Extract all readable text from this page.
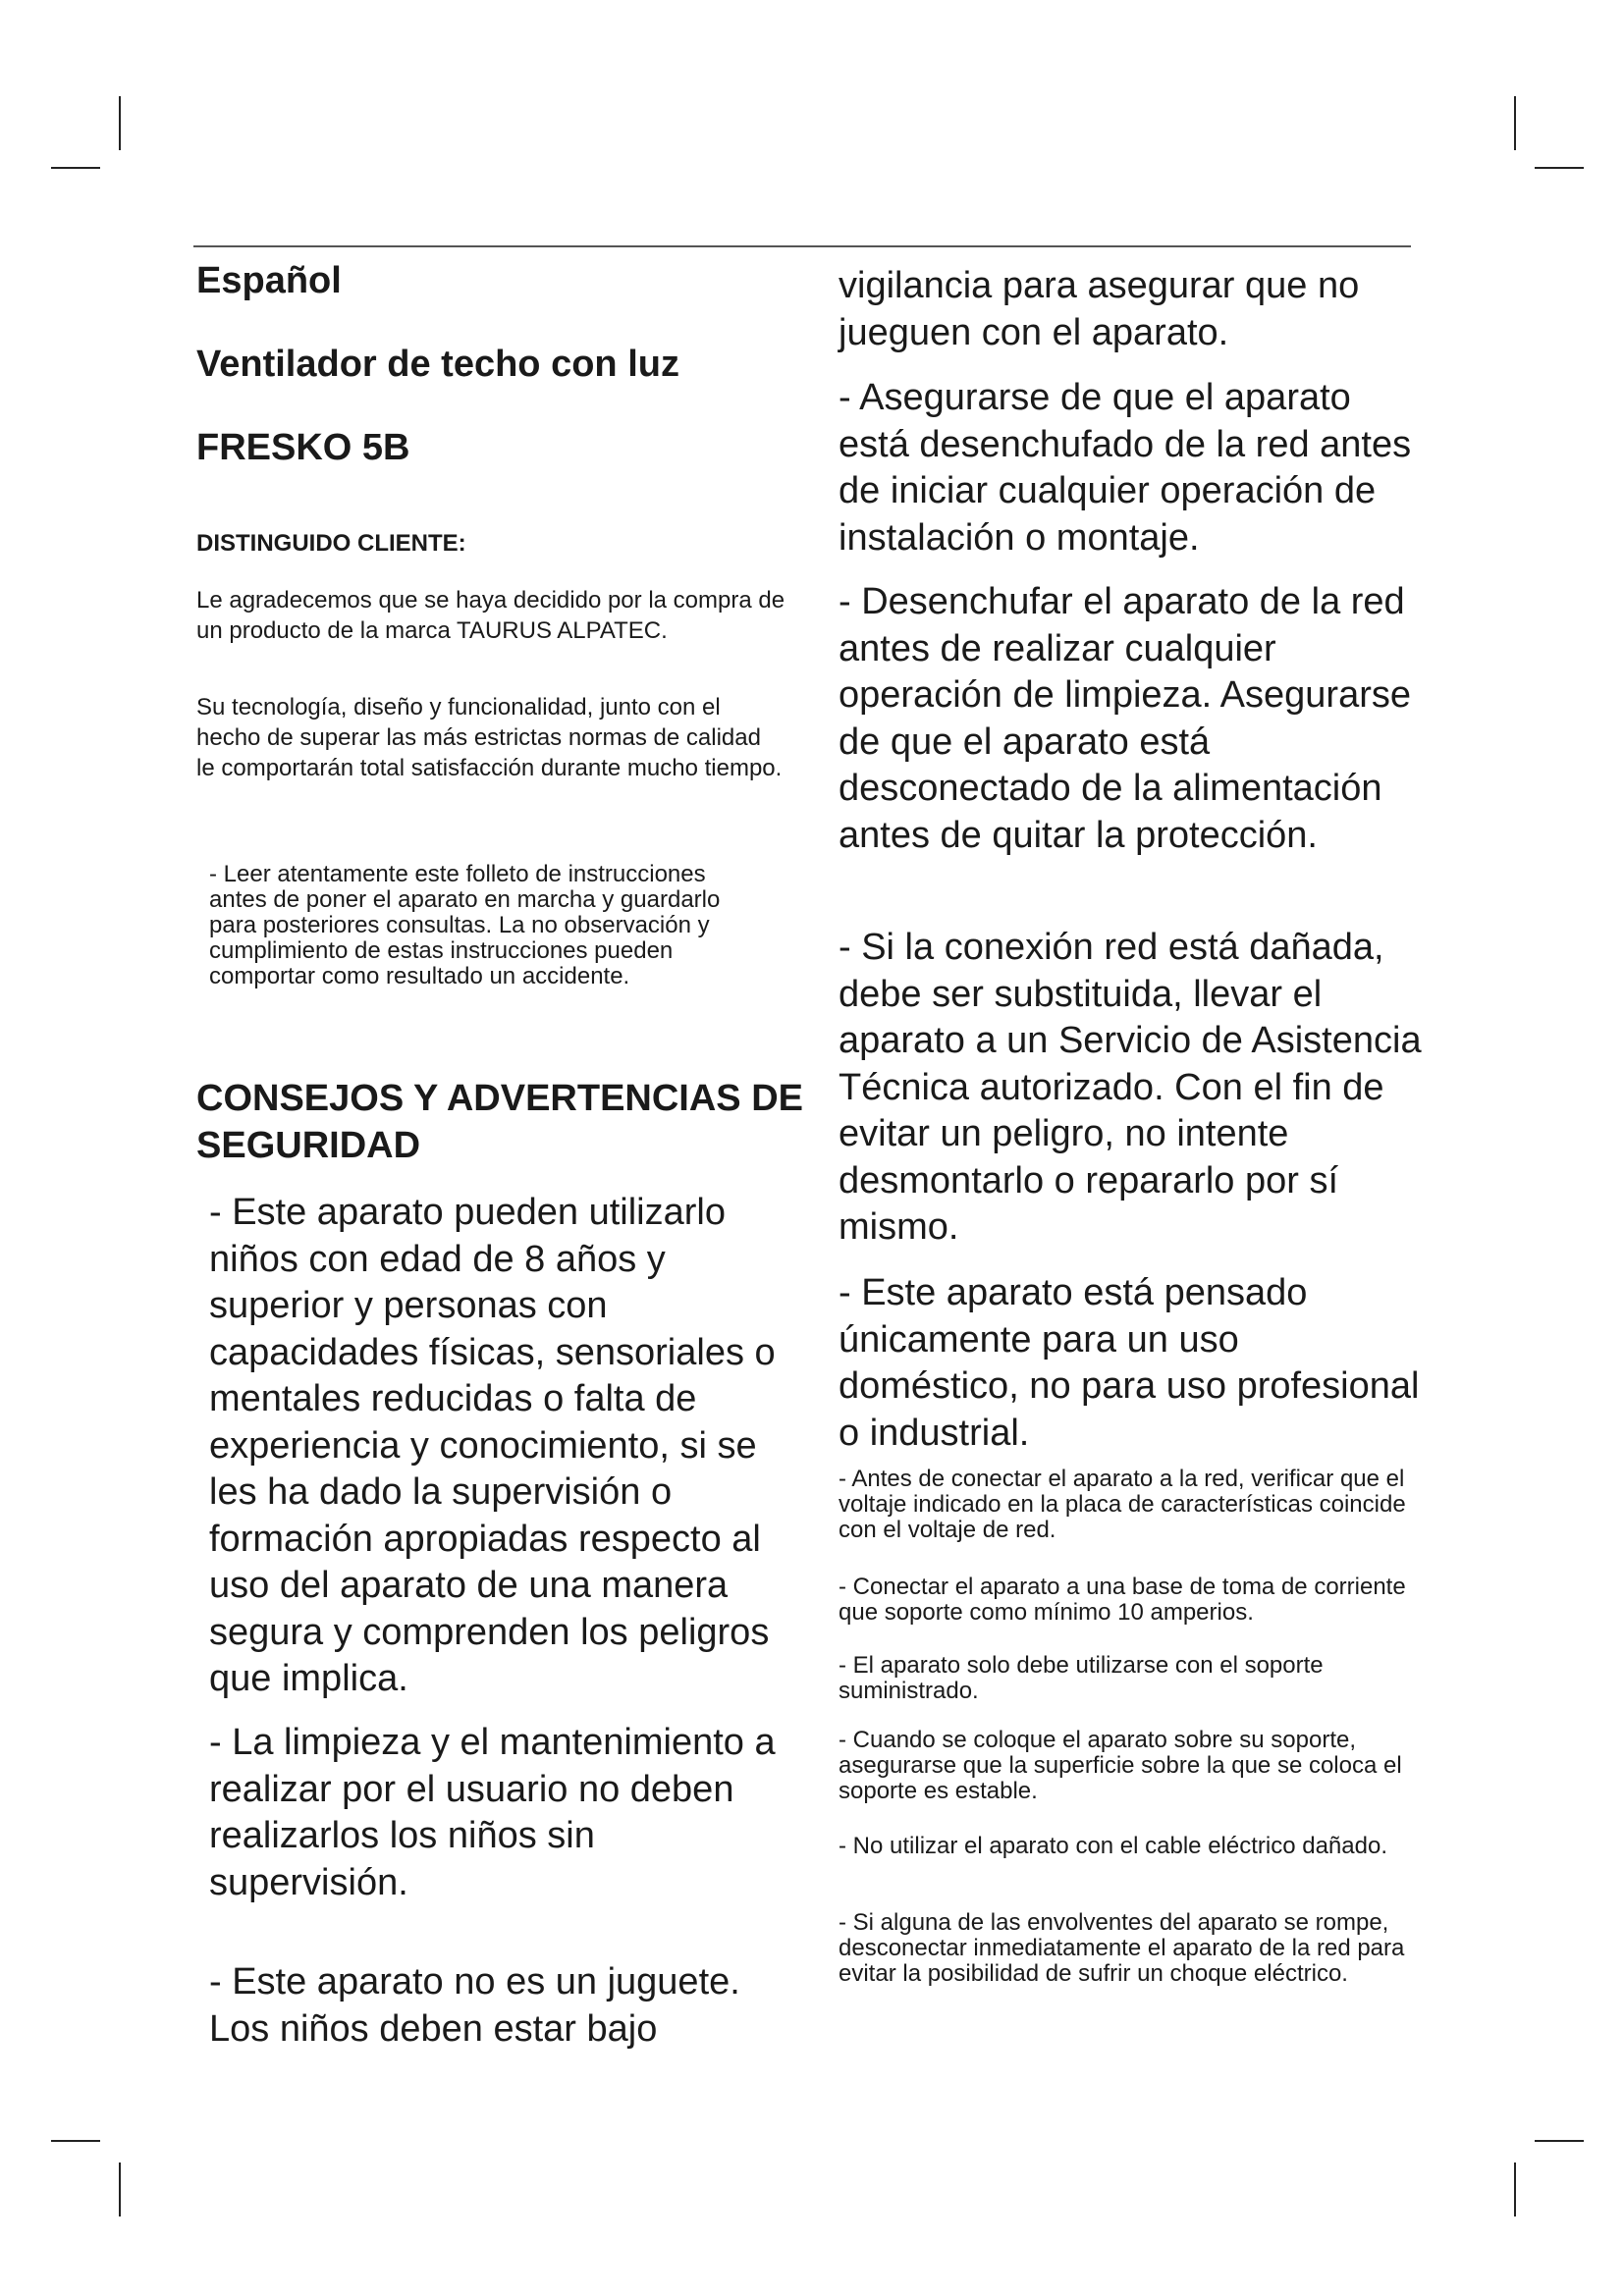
Español
Ventilador de techo con luz
FRESKO 5B
DISTINGUIDO CLIENTE:

Le agradecemos que se haya decidido por la compra de un producto de la marca TAURUS ALPATEC.

Su tecnología, diseño y funcionalidad, junto con el hecho de superar las más estrictas normas de calidad le comportarán total satisfacción durante mucho tiempo.

- Leer atentamente este folleto de instrucciones antes de poner el aparato en marcha y guardarlo para posteriores consultas. La no observación y cumplimiento de estas instrucciones pueden comportar como resultado un accidente.

CONSEJOS Y ADVERTENCIAS DE SEGURIDAD

- Este aparato pueden utilizarlo niños con edad de 8 años y superior y personas con capacidades físicas, sensoriales o mentales reducidas o falta de experiencia y conocimiento, si se les ha dado la supervisión o formación apropiadas respecto al uso del aparato de una manera segura y comprenden los peligros que implica.

- La limpieza y el mantenimiento a realizar por el usuario no deben realizarlos los niños sin supervisión.

- Este aparato no es un juguete. Los niños deben estar bajo

vigilancia para asegurar que no jueguen con el aparato.

- Asegurarse de que el aparato está desenchufado de la red antes de iniciar cualquier operación de instalación o montaje.

- Desenchufar el aparato de la red antes de realizar cualquier operación de limpieza. Asegurarse de que el aparato está desconectado de la alimentación antes de quitar la protección.

- Si la conexión red está dañada, debe ser substituida, llevar el aparato a un Servicio de Asistencia Técnica autorizado. Con el fin de evitar un peligro, no intente desmontarlo o repararlo por sí mismo.

- Este aparato está pensado únicamente para un uso doméstico, no para uso profesional o industrial.

- Antes de conectar el aparato a la red, verificar que el voltaje indicado en la placa de características coincide con el voltaje de red.

- Conectar el aparato a una base de toma de corriente que soporte como mínimo 10 amperios.

- El aparato solo debe utilizarse con el soporte suministrado.

- Cuando se coloque el aparato sobre su soporte, asegurarse que la superficie sobre la que se coloca el soporte es estable.

- No utilizar el aparato con el cable eléctrico dañado.

- Si alguna de las envolventes del aparato se rompe, desconectar inmediatamente el aparato de la red para evitar la posibilidad de sufrir un choque eléctrico.
